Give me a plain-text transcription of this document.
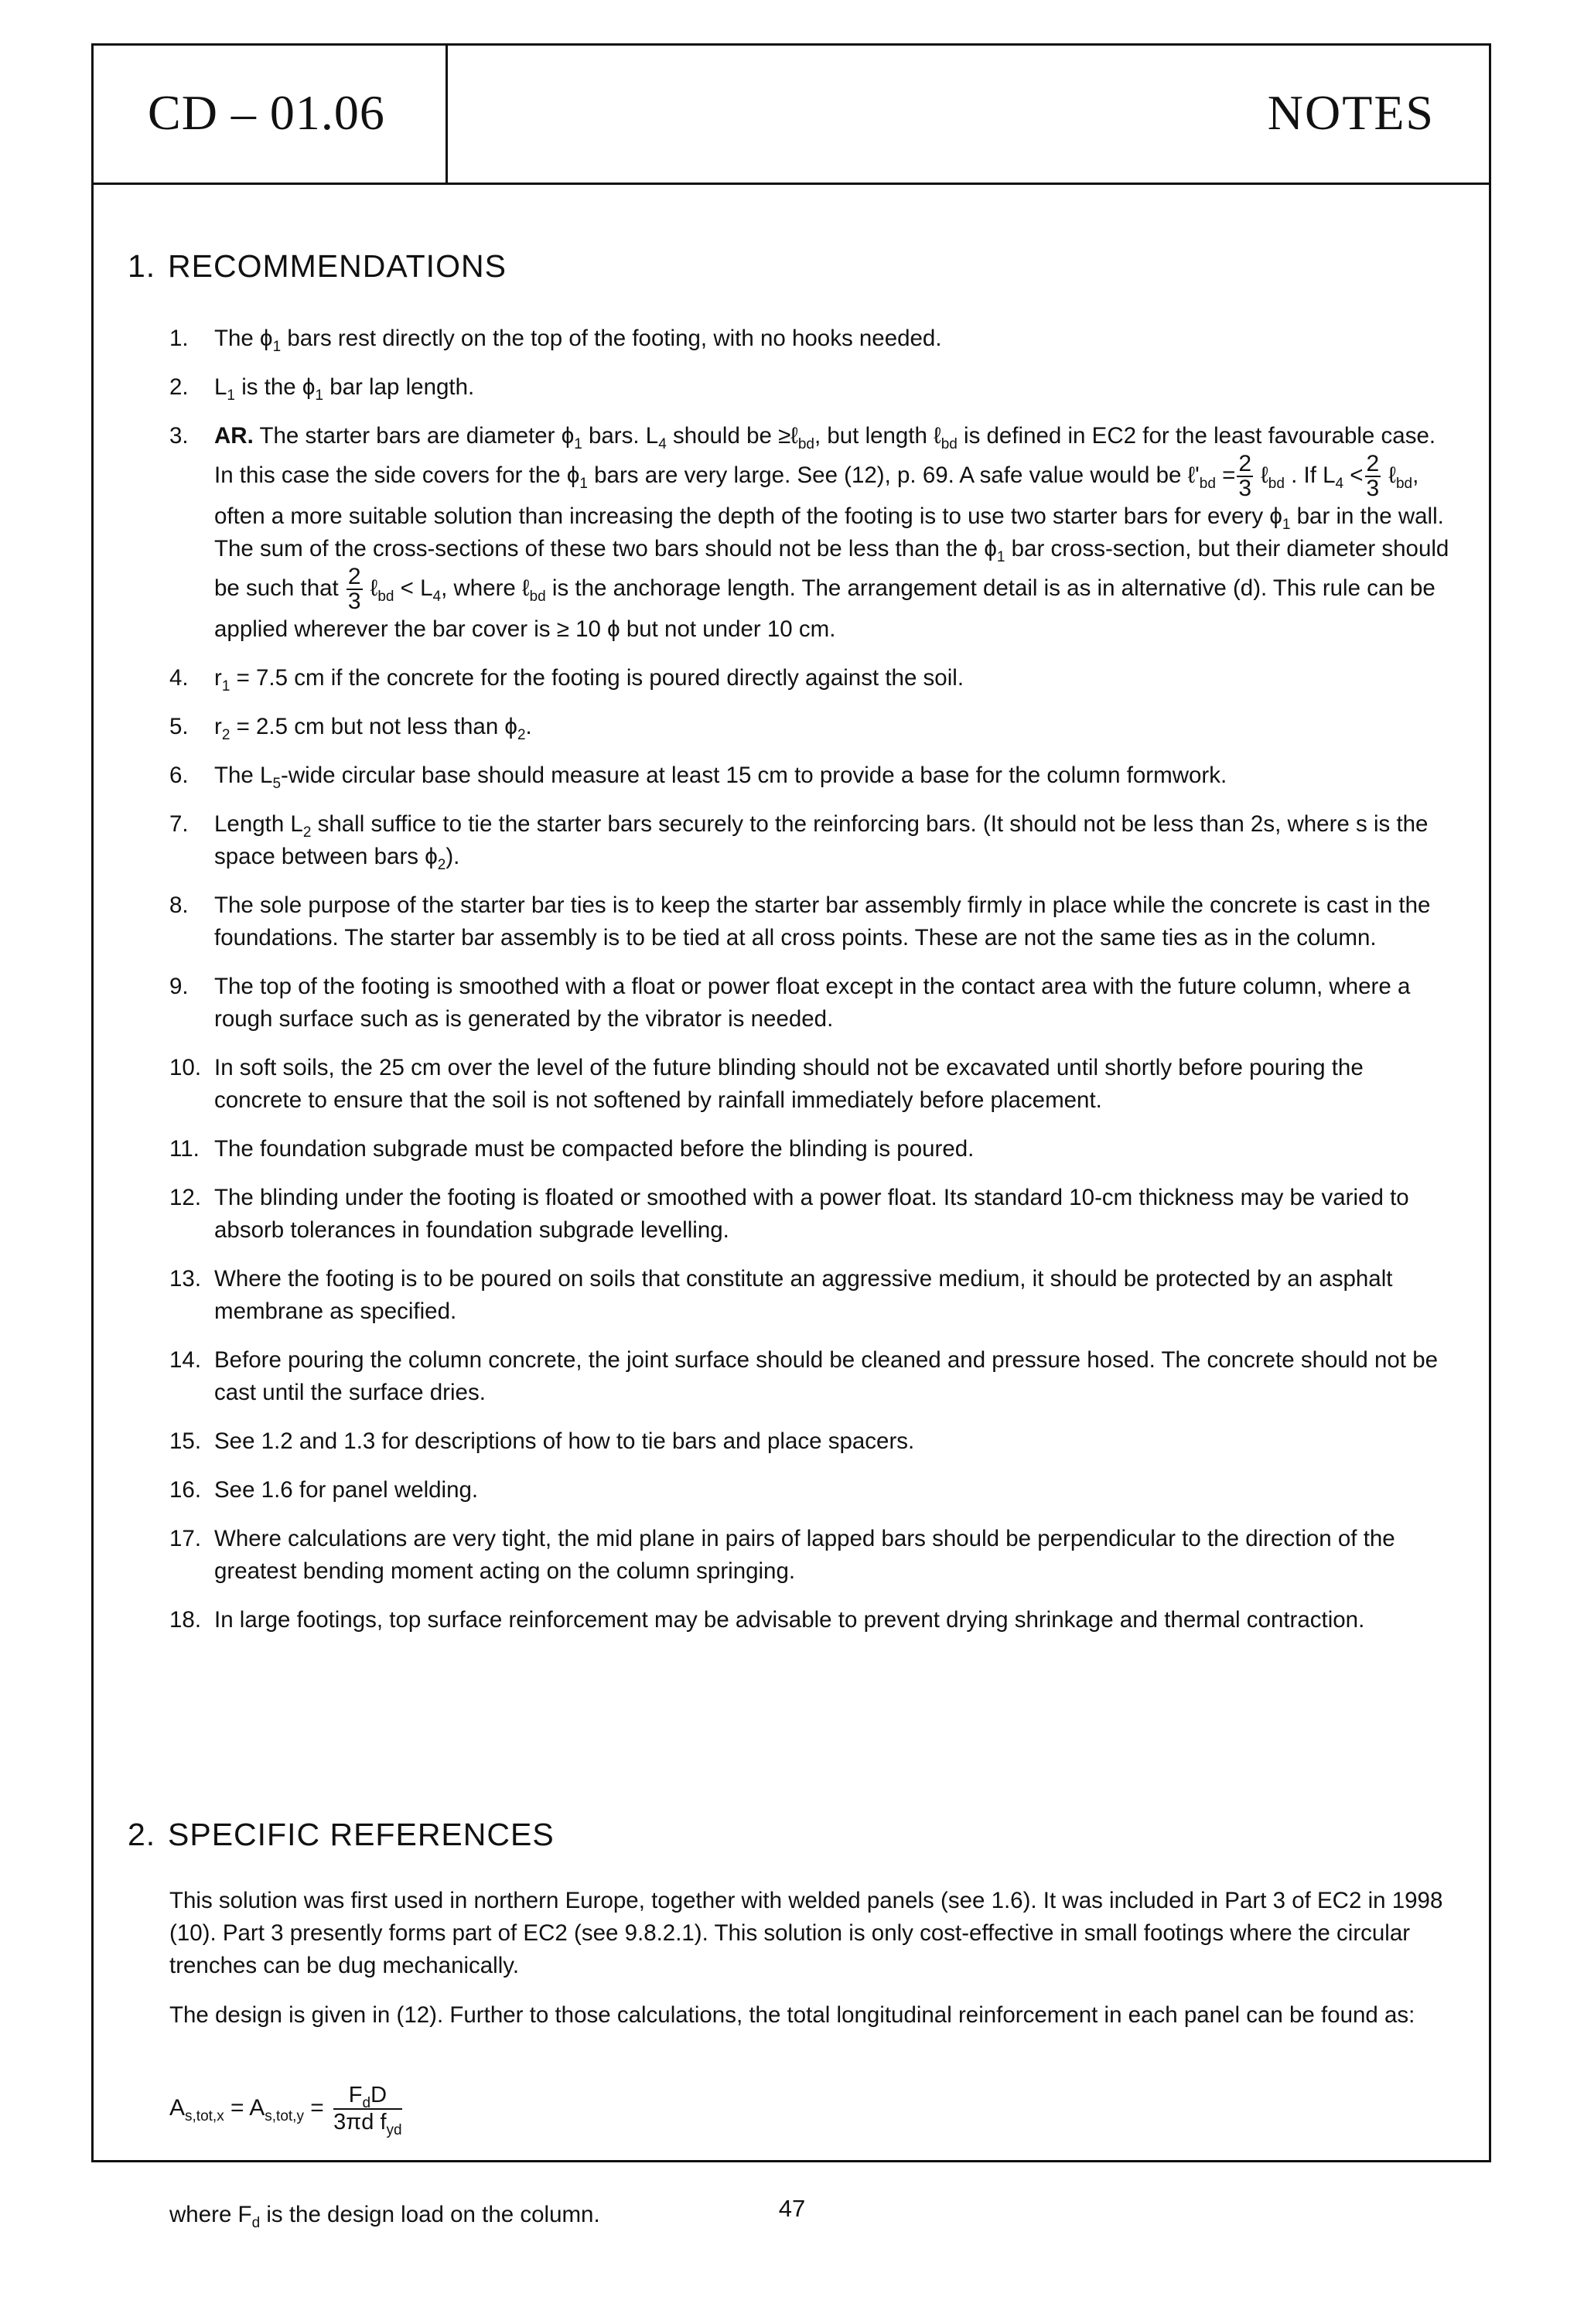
CD – 01.06	NOTES
1. RECOMMENDATIONS
1.	The $\phi_1$ bars rest directly on the top of the footing, with no hooks needed.
2.	$L_1$ is the $\phi_1$ bar lap length.
3.	AR. The starter bars are diameter $\phi_1$ bars. $L_4$ should be ≥ℓ$_{bd}$, but length ℓ$_{bd}$ is defined in EC2 for the least favourable case. In this case the side covers for the $\phi_1$ bars are very large. See (12), p. 69. A safe value would be $\ell'_{bd} = \frac{2}{3}$ ℓ$_{bd}$ . If $L_4 < \frac{2}{3}$ ℓ$_{bd}$, often a more suitable solution than increasing the depth of the footing is to use two starter bars for every $\phi_1$ bar in the wall. The sum of the cross-sections of these two bars should not be less than the $\phi_1$ bar cross-section, but their diameter should be such that $\frac{2}{3}$ ℓ$_{bd}$ < $L_4$, where ℓ$_{bd}$ is the anchorage length. The arrangement detail is as in alternative (d). This rule can be applied wherever the bar cover is ≥ 10 ϕ but not under 10 cm.
4.	$r_1 = 7.5$ cm if the concrete for the footing is poured directly against the soil.
5.	$r_2 = 2.5$ cm but not less than $\phi_2$.
6.	The $L_5$-wide circular base should measure at least 15 cm to provide a base for the column formwork.
7.	Length $L_2$ shall suffice to tie the starter bars securely to the reinforcing bars. (It should not be less than 2s, where s is the space between bars $\phi_2$).
8.	The sole purpose of the starter bar ties is to keep the starter bar assembly firmly in place while the concrete is cast in the foundations. The starter bar assembly is to be tied at all cross points. These are not the same ties as in the column.
9.	The top of the footing is smoothed with a float or power float except in the contact area with the future column, where a rough surface such as is generated by the vibrator is needed.
10. In soft soils, the 25 cm over the level of the future blinding should not be excavated until shortly before pouring the concrete to ensure that the soil is not softened by rainfall immediately before placement.
11. The foundation subgrade must be compacted before the blinding is poured.
12. The blinding under the footing is floated or smoothed with a power float. Its standard 10-cm thickness may be varied to absorb tolerances in foundation subgrade levelling.
13. Where the footing is to be poured on soils that constitute an aggressive medium, it should be protected by an asphalt membrane as specified.
14. Before pouring the column concrete, the joint surface should be cleaned and pressure hosed. The concrete should not be cast until the surface dries.
15. See 1.2 and 1.3 for descriptions of how to tie bars and place spacers.
16. See 1.6 for panel welding.
17. Where calculations are very tight, the mid plane in pairs of lapped bars should be perpendicular to the direction of the greatest bending moment acting on the column springing.
18. In large footings, top surface reinforcement may be advisable to prevent drying shrinkage and thermal contraction.
2. SPECIFIC REFERENCES
This solution was first used in northern Europe, together with welded panels (see 1.6). It was included in Part 3 of EC2 in 1998 (10). Part 3 presently forms part of EC2 (see 9.8.2.1). This solution is only cost-effective in small footings where the circular trenches can be dug mechanically.
The design is given in (12). Further to those calculations, the total longitudinal reinforcement in each panel can be found as:
$A_{s,tot,x} = A_{s,tot,y} = \frac{F_dD}{3\pi d f_{yd}}$
where $F_d$ is the design load on the column.	47
